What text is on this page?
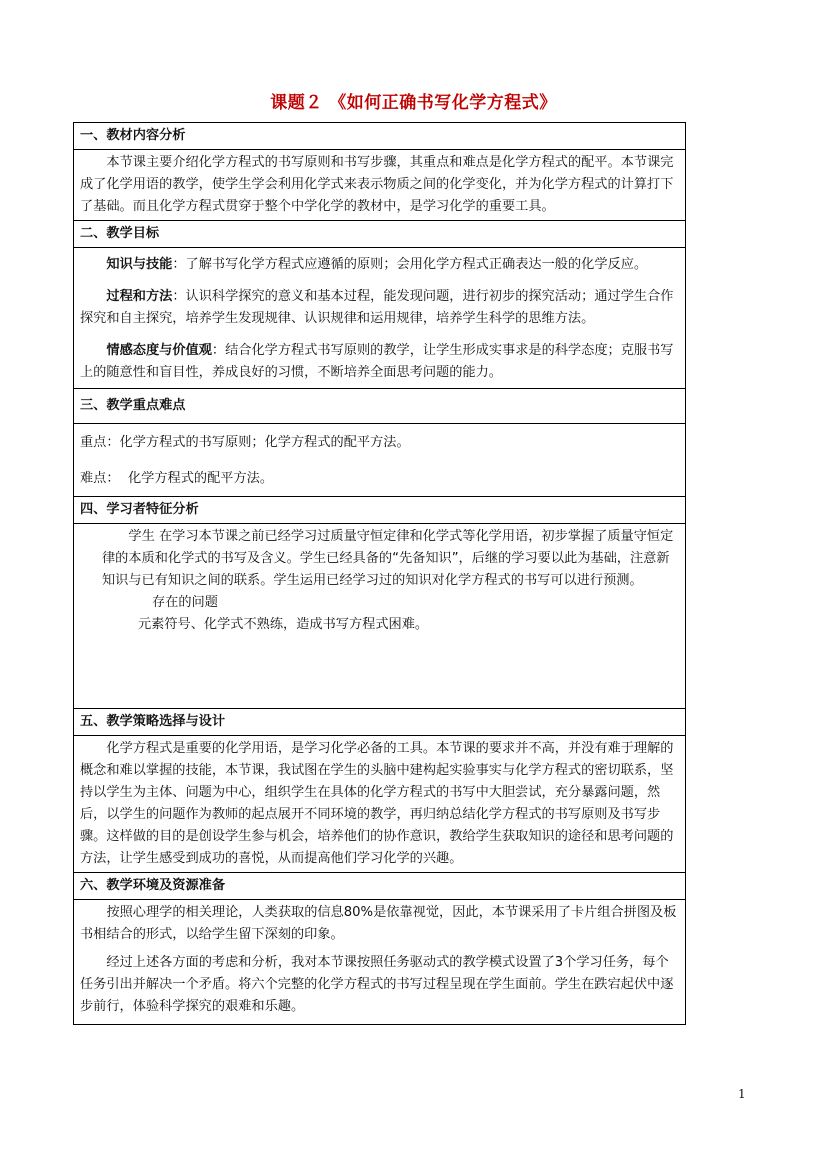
课题２ 《如何正确书写化学方程式》
一、教材内容分析

本节课主要介绍化学方程式的书写原则和书写步骤，其重点和难点是化学方程式的配平。本节课完成了化学用语的教学，使学生学会利用化学式来表示物质之间的化学变化，并为化学方程式的计算打下了基础。而且化学方程式贯穿于整个中学化学的教材中，是学习化学的重要工具。

二、教学目标

知识与技能：了解书写化学方程式应遵循的原则；会用化学方程式正确表达一般的化学反应。

过程和方法：认识科学探究的意义和基本过程，能发现问题，进行初步的探究活动；通过学生合作探究和自主探究，培养学生发现规律、认识规律和运用规律，培养学生科学的思维方法。

情感态度与价值观：结合化学方程式书写原则的教学，让学生形成实事求是的科学态度；克服书写上的随意性和盲目性，养成良好的习惯，不断培养全面思考问题的能力。

三、教学重点难点

重点：化学方程式的书写原则；化学方程式的配平方法。

难点：  化学方程式的配平方法。

四、学习者特征分析

学生 在学习本节课之前已经学习过质量守恒定律和化学式等化学用语，初步掌握了质量守恒定律的本质和化学式的书写及含义。学生已经具备的“先备知识”，后继的学习要以此为基础，注意新知识与已有知识之间的联系。学生运用已经学习过的知识对化学方程式的书写可以进行预测。

存在的问题

元素符号、化学式不熟练，造成书写方程式困难。

五、教学策略选择与设计

化学方程式是重要的化学用语，是学习化学必备的工具。本节课的要求并不高，并没有难于理解的概念和难以掌握的技能，本节课，我试图在学生的头脑中建构起实验事实与化学方程式的密切联系，坚持以学生为主体、问题为中心，组织学生在具体的化学方程式的书写中大胆尝试，充分暴露问题，然后，以学生的问题作为教师的起点展开不同环境的教学，再归纳总结化学方程式的书写原则及书写步骤。这样做的目的是创设学生参与机会，培养他们的协作意识，教给学生获取知识的途径和思考问题的方法，让学生感受到成功的喜悦，从而提高他们学习化学的兴趣。

六、教学环境及资源准备

按照心理学的相关理论，人类获取的信息80%是依靠视觉，因此，本节课采用了卡片组合拼图及板书相结合的形式，以给学生留下深刻的印象。

经过上述各方面的考虑和分析，我对本节课按照任务驱动式的教学模式设置了3个学习任务，每个任务引出并解决一个矛盾。将六个完整的化学方程式的书写过程呈现在学生面前。学生在跌宕起伏中逐步前行，体验科学探究的艰难和乐趣。

1
